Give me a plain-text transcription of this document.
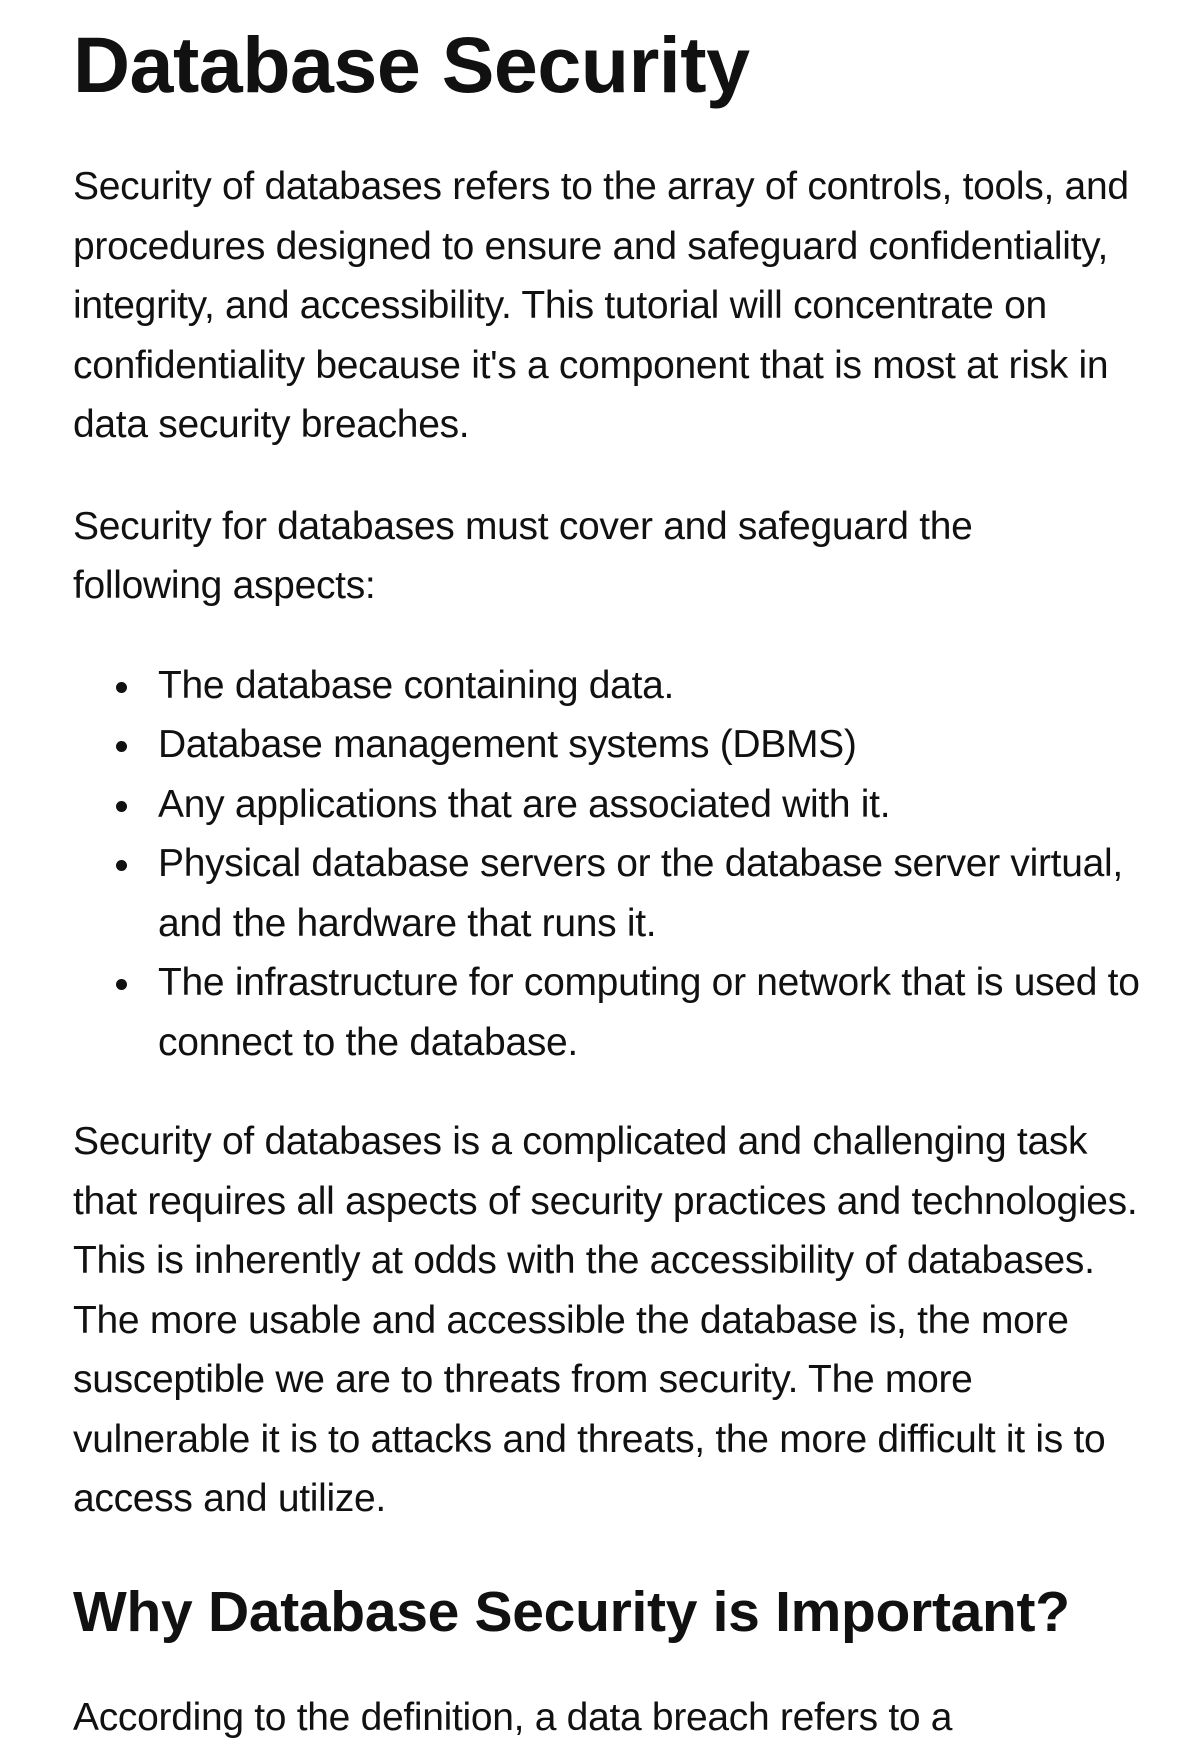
Database Security

Security of databases refers to the array of controls, tools, and procedures designed to ensure and safeguard confidentiality, integrity, and accessibility. This tutorial will concentrate on confidentiality because it's a component that is most at risk in data security breaches.

Security for databases must cover and safeguard the following aspects:

The database containing data.
Database management systems (DBMS)
Any applications that are associated with it.
Physical database servers or the database server virtual, and the hardware that runs it.
The infrastructure for computing or network that is used to connect to the database.

Security of databases is a complicated and challenging task that requires all aspects of security practices and technologies. This is inherently at odds with the accessibility of databases. The more usable and accessible the database is, the more susceptible we are to threats from security. The more vulnerable it is to attacks and threats, the more difficult it is to access and utilize.

Why Database Security is Important?

According to the definition, a data breach refers to a
